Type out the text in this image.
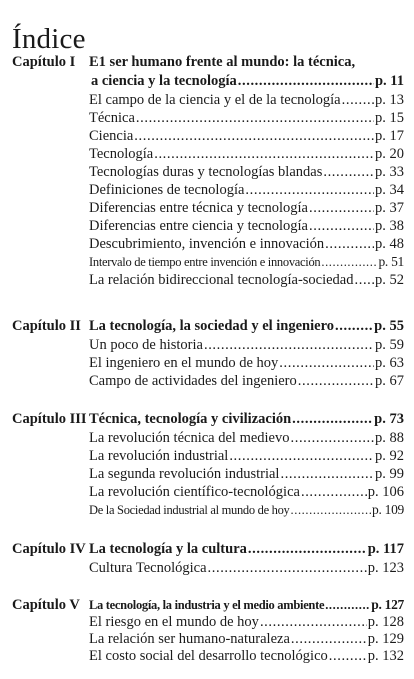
Índice
Capítulo I E1 ser humano frente al mundo: la técnica,
a ciencia y la tecnología .....	p. 11
El campo de la ciencia y el de la tecnología ..... p. 13
Técnica .....	p. 15
Ciencia .....	p. 17
Tecnología .....	p. 20
Tecnologías duras y tecnologías blandas .....	p. 33
Definiciones de tecnología .....	p. 34
Diferencias entre técnica y tecnología .....	p. 37
Diferencias entre ciencia y tecnología .....	p. 38
Descubrimiento, invención e innovación .....	p. 48
Intervalo de tiempo entre invención e innovación .....	p. 51
La relación bidireccional tecnología-sociedad ..... p. 52
Capítulo II La tecnología, la sociedad y el ingeniero .....	p. 55
Un poco de historia .....	p. 59
El ingeniero en el mundo de hoy .....	p. 63
Campo de actividades del ingeniero .....	p. 67
Capítulo III Técnica, tecnología y civilización .....	p. 73
La revolución técnica del medievo .....	p. 88
La revolución industrial .....	p. 92
La segunda revolución industrial .....	p. 99
La revolución científico-tecnológica .....	p. 106
De la Sociedad industrial al mundo de hoy .....	p. 109
Capítulo IV La tecnología y la cultura .....	p. 117
Cultura Tecnológica .....	p. 123
Capítulo V La tecnología, la industria y el medio ambiente .....	p. 127
El riesgo en el mundo de hoy .....	p. 128
La relación ser humano-naturaleza .....	p. 129
El costo social del desarrollo tecnológico .....	p. 132
